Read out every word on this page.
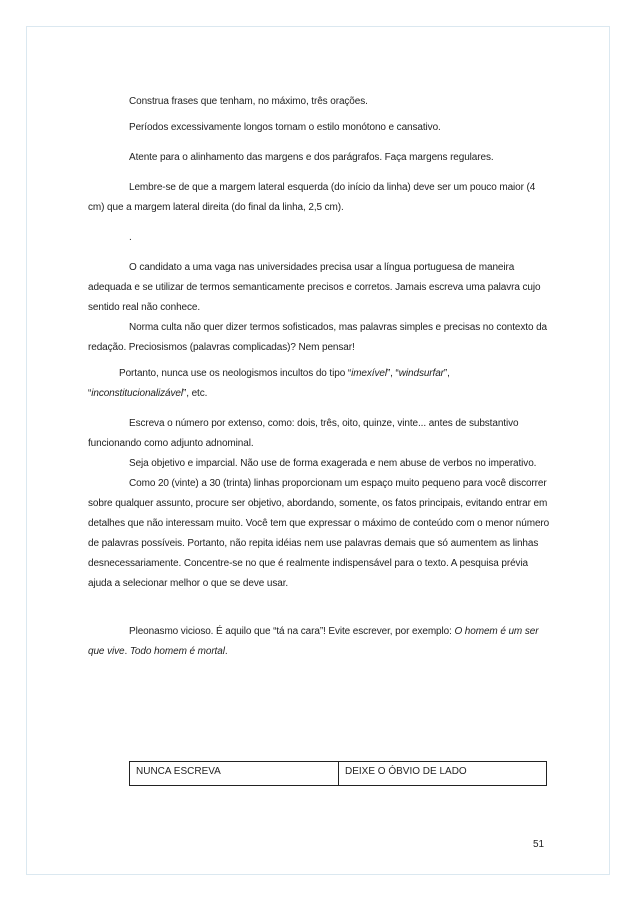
Construa frases que tenham, no máximo, três orações.

Períodos excessivamente longos tornam o estilo monótono e cansativo.

Atente para o alinhamento das margens e dos parágrafos. Faça margens regulares.

Lembre-se de que a margem lateral esquerda (do início da linha) deve ser um pouco maior (4 cm) que a margem lateral direita (do final da linha, 2,5 cm).

.

O candidato a uma vaga nas universidades precisa usar a língua portuguesa de maneira adequada e se utilizar de termos semanticamente precisos e corretos. Jamais escreva uma palavra cujo sentido real não conhece.

Norma culta não quer dizer termos sofisticados, mas palavras simples e precisas no contexto da redação. Preciosismos (palavras complicadas)? Nem pensar!

Portanto, nunca use os neologismos incultos do tipo “imexível”, “windsurfar”, “inconstitucionalizável”, etc.

Escreva o número por extenso, como: dois, três, oito, quinze, vinte... antes de substantivo funcionando como adjunto adnominal.

Seja objetivo e imparcial. Não use de forma exagerada e nem abuse de verbos no imperativo.

Como 20 (vinte) a 30 (trinta) linhas proporcionam um espaço muito pequeno para você discorrer sobre qualquer assunto, procure ser objetivo, abordando, somente, os fatos principais, evitando entrar em detalhes que não interessam muito. Você tem que expressar o máximo de conteúdo com o menor número de palavras possíveis. Portanto, não repita idéias nem use palavras demais que só aumentem as linhas desnecessariamente. Concentre-se no que é realmente indispensável para o texto. A pesquisa prévia ajuda a selecionar melhor o que se deve usar.

Pleonasmo vicioso. É aquilo que “tá na cara”! Evite escrever, por exemplo: O homem é um ser que vive. Todo homem é mortal.

NUNCA ESCREVA	DEIXE O ÓBVIO DE LADO
51
